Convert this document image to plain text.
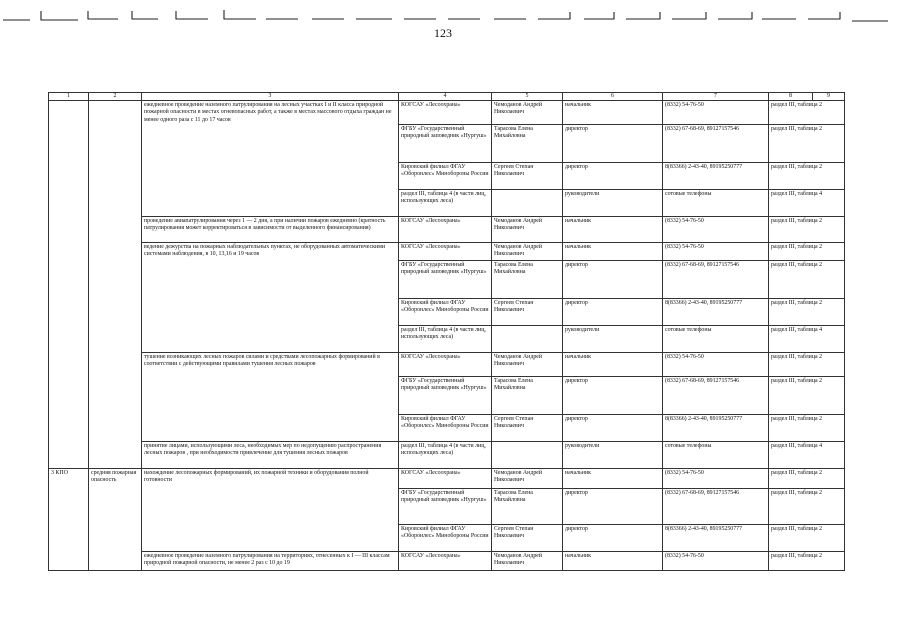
123
1	2	3	4	5	6	7	8	9
		ежедневное проведение наземного патрулирования на лесных участках I и II класса природной пожарной опасности в местах огневопасных работ, а также в местах массового отдыха граждан не менее одного раза с 11 до 17 часов	КОГСАУ «Лесоохрана»	Чемоданов Андрей Николаевич	начальник	(8332) 54-76-50	раздел III, таблица 2	
			ФГБУ «Государственный природный заповедник «Нургуш»	Тарасова Елена Михайловна	директор	(8332) 67-68-69, 89127157546	раздел III, таблица 2	
			Кировский филиал ФГАУ «Оборонлес» Минобороны России	Сергеев Степан Николаевич	директор	8(83366) 2-43-40, 89195250777	раздел III, таблица 2	
			раздел III, таблица 4 (в части лиц, использующих леса)		руководители	сотовые телефоны	раздел III, таблица 4	
		проведение авиапатрулирования через 1 — 2 дня, а при наличии пожаров ежедневно (кратность патрулирования может корректироваться в зависимости от выделенного финансирования)	КОГСАУ «Лесоохрана»	Чемоданов Андрей Николаевич	начальник	(8332) 54-76-50	раздел III, таблица 2	
		ведение дежурства на пожарных наблюдательных пунктах, не оборудованных автоматическими системами наблюдения, в 10, 13,16 и 19 часов	КОГСАУ «Лесоохрана»	Чемоданов Андрей Николаевич	начальник	(8332) 54-76-50	раздел III, таблица 2	
			ФГБУ «Государственный природный заповедник «Нургуш»	Тарасова Елена Михайловна	директор	(8332) 67-68-69, 89127157546	раздел III, таблица 2	
			Кировский филиал ФГАУ «Оборонлес» Минобороны России	Сергеев Степан Николаевич	директор	8(83366) 2-43-40, 89195250777	раздел III, таблица 2	
			раздел III, таблица 4 (в части лиц, использующих леса)		руководители	сотовые телефоны	раздел III, таблица 4	
		тушение возникающих лесных пожаров силами и средствами лесопожарных формирований в соответствии с действующими правилами тушения лесных пожаров	КОГСАУ «Лесоохрана»	Чемоданов Андрей Николаевич	начальник	(8332) 54-76-50	раздел III, таблица 2	
			ФГБУ «Государственный природный заповедник «Нургуш»	Тарасова Елена Михайловна	директор	(8332) 67-68-69, 89127157546	раздел III, таблица 2	
			Кировский филиал ФГАУ «Оборонлес» Минобороны России	Сергеев Степан Николаевич	директор	8(83366) 2-43-40, 89195250777	раздел III, таблица 2	
		принятие лицами, использующими леса, необходимых мер по недопущению распространения лесных пожаров , при необходимости привлечение для тушения лесных пожаров	раздел III, таблица 4 (в части лиц, использующих леса)		руководители	сотовые телефоны	раздел III, таблица 4	
3 КПО	средняя пожарная опасность	нахождение лесопожарных формирований, их пожарной техники и оборудования полной готовности	КОГСАУ «Лесоохрана»	Чемоданов Андрей Николаевич	начальник	(8332) 54-76-50	раздел III, таблица 2	
			ФГБУ «Государственный природный заповедник «Нургуш»	Тарасова Елена Михайловна	директор	(8332) 67-68-69, 89127157546	раздел III, таблица 2	
			Кировский филиал ФГАУ «Оборонлес» Минобороны России	Сергеев Степан Николаевич	директор	8(83366) 2-43-40, 89195250777	раздел III, таблица 2	
		ежедневное проведение наземного патрулирования на территориях, отнесенных к I — III классам природной пожарной опасности, не менее 2 раз с 10 до 19	КОГСАУ «Лесоохрана»	Чемоданов Андрей Николаевич	начальник	(8332) 54-76-50	раздел III, таблица 2	
